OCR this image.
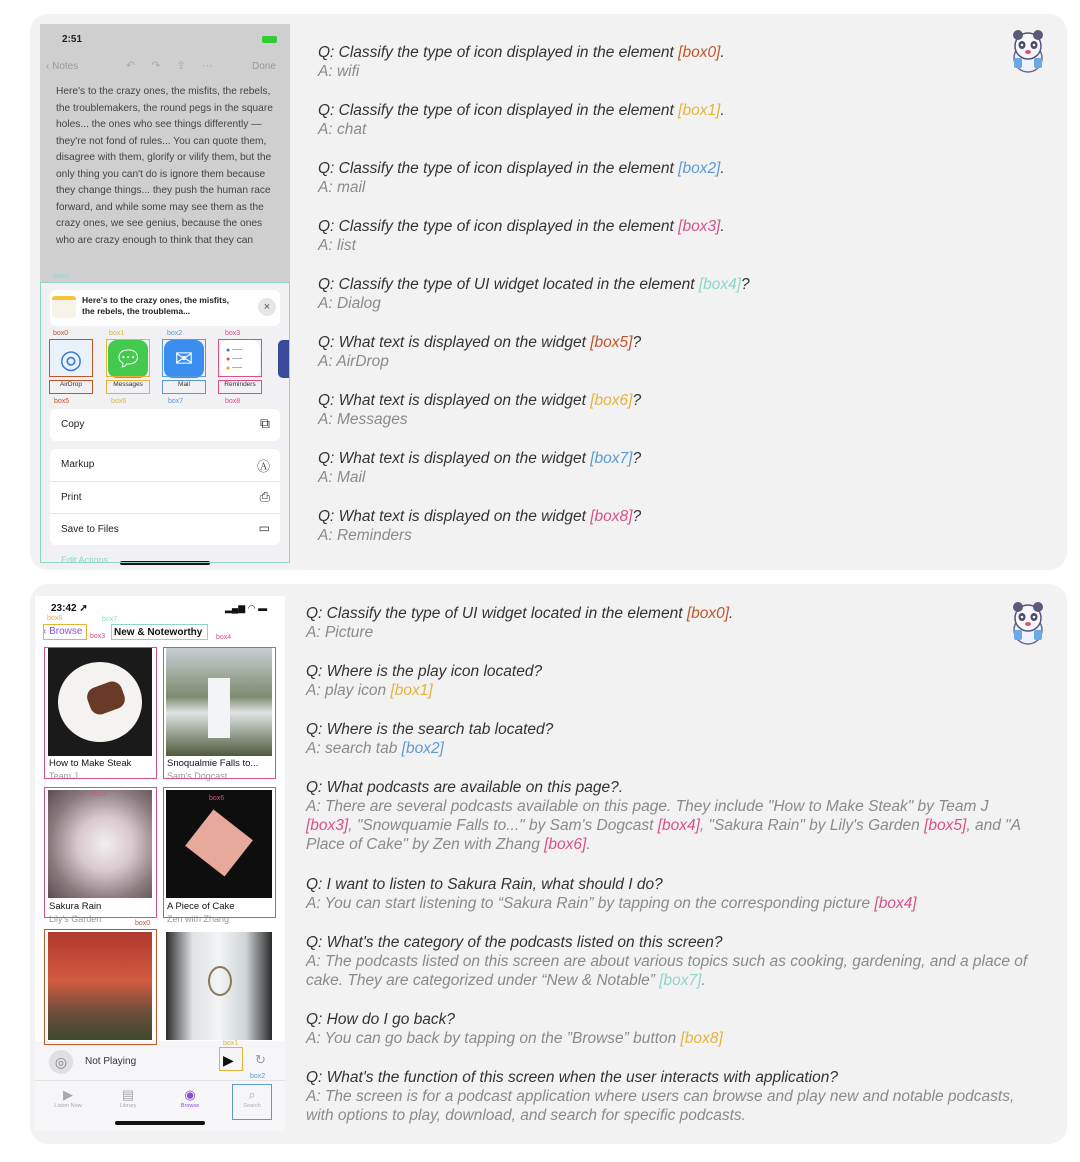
2:51
‹ Notes	↶↷⇪⋯ Done
Here's to the crazy ones, the misfits, the rebels, the troublemakers, the round pegs in the square holes... the ones who see things differently — they're not fond of rules... You can quote them, disagree with them, glorify or vilify them, but the only thing you can't do is ignore them because they change things... they push the human race forward, and while some may see them as the crazy ones, we see genius, because the ones who are crazy enough to think that they can
Here's to the crazy ones, the misfits, the rebels, the troublema...	×
◎
AirDrop
💬︎
Messages
✉
Mail
● ──
● ──
● ──
Reminders
Copy	⧉
Markup	Ⓐ
Print	⎙
Save to Files	▭
Edit Actions...
box4
box0	box1	box2	box3
box5	box6	box7	box8
Q: Classify the type of icon displayed in the element [box0].
A: wifi
Q: Classify the type of icon displayed in the element [box1].
A: chat
Q: Classify the type of icon displayed in the element [box2].
A: mail
Q: Classify the type of icon displayed in the element [box3].
A: list
Q: Classify the type of UI widget located in the element [box4]?
A: Dialog
Q: What text is displayed on the widget [box5]?
A: AirDrop
Q: What text is displayed on the widget [box6]?
A: Messages
Q: What text is displayed on the widget [box7]?
A: Mail
Q: What text is displayed on the widget [box8]?
A: Reminders
23:42 ➚	▂▄▆ ◠ ▬
‹ Browse	New & Noteworthy
How to Make Steak
Team J
Snoqualmie Falls to...
Sam's Dogcast
Sakura Rain
Lily's Garden
A Piece of Cake
Zen with Zhang
◎	Not Playing	▶ ↻
▶
Listen Now
▤
Library
◉
Browse
⌕
Search
box8	box7
box3	box4
box5
box6
box0
box1
box2
Q: Classify the type of UI widget located in the element [box0].
A: Picture
Q: Where is the play icon located?
A: play icon [box1]
Q: Where is the search tab located?
A: search tab [box2]
Q: What podcasts are available on this page?.
A: There are several podcasts available on this page. They include "How to Make Steak" by Team J [box3], "Snowquamie Falls to..." by Sam's Dogcast [box4], "Sakura Rain" by Lily's Garden [box5], and "A Place of Cake" by Zen with Zhang [box6].
Q: I want to listen to Sakura Rain, what should I do?
A: You can start listening to “Sakura Rain” by tapping on the corresponding picture [box4]
Q: What's the category of the podcasts listed on this screen?
A: The podcasts listed on this screen are about various topics such as cooking, gardening, and a place of cake. They are categorized under “New & Notable” [box7].
Q: How do I go back?
A: You can go back by tapping on the ”Browse” button [box8]
Q: What's the function of this screen when the user interacts with application?
A: The screen is for a podcast application where users can browse and play new and notable podcasts, with options to play, download, and search for specific podcasts.
